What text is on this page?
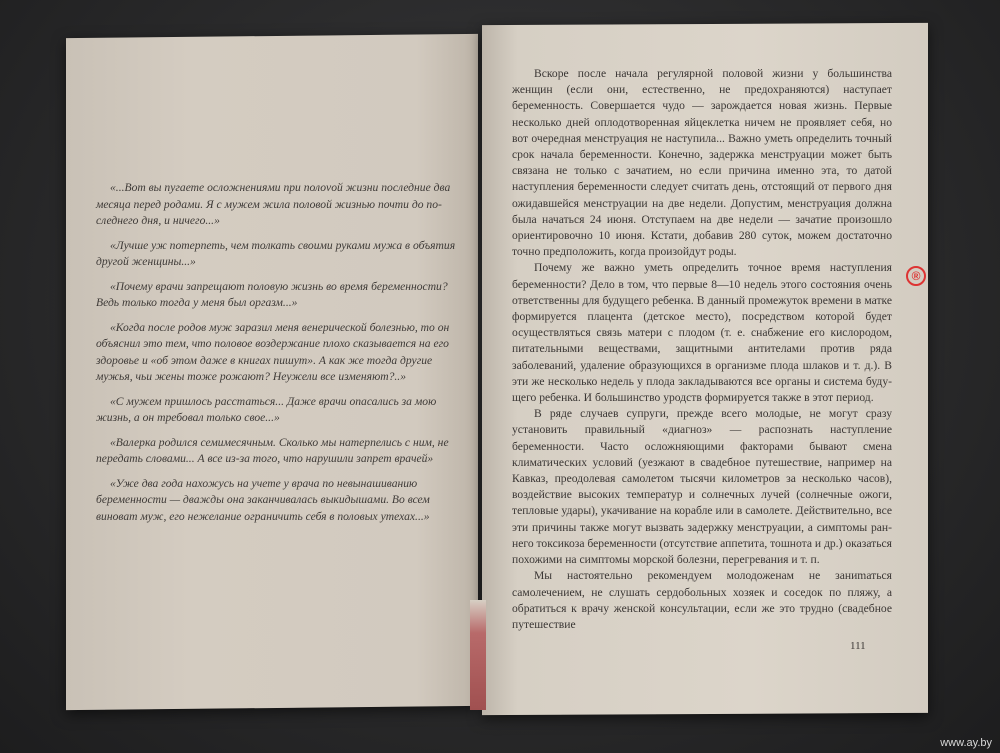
«...Вот вы пугаете осложнениями при полоvой жизни последние два месяца перед родами. Я с мужем жила половой жизнью почти до последнего дня, и ничего...»

«Лучше уж потерпеть, чем толкать своими руками мужа в объятия другой женщины...»

«Почему врачи запрещают половую жизнь во время беременности? Ведь только тогда у меня был оргазм...»

«Когда после родов муж заразил меня венерической болезнью, то он объяснил это тем, что половое воздержание плохо сказывается на его здоровье и «об этом даже в книгах пишут». А как же тогда другие мужья, чьи жены тоже рожают? Неужели все изменяют?..»

«С мужем пришлось расстаться... Даже врачи опасались за мою жизнь, а он требовал только свое...»

«Валерка родился семимесячным. Сколько мы натерпелись с ним, не передать словами... А все из-за того, что нарушили запрет врачей»

«Уже два года нахожусь на учете у врача по невынашиванию беременности — дважды она заканчивалась выкидышами. Во всем виноват муж, его нежелание ограничить себя в половых утехах...»

Вскоре после начала регулярной половой жизни у большинства женщин (если они, естественно, не предохраняются) наступает беременность. Совершается чудо — зарождается новая жизнь. Первые несколько дней оплодотворенная яйцеклетка ничем не проявляет себя, но вот очередная менструация не наступила... Важно уметь определить точный срок начала беременности. Конечно, задержка менструации может быть связана не только с зачатием, но если причина именно эта, то датой наступления беременности следует считать день, отстоящий от первого дня ожидавшейся менструации на две недели. Допустим, менструация должна была начаться 24 июня. Отступаем на две недели — зачатие произошло ориентировочно 10 июня. Кстати, добавив 280 суток, можем достаточно точно предположить, когда произойдут роды.

Почему же важно уметь определить точное время наступления беременности? Дело в том, что первые 8—10 недель этого состояния очень ответственны для будущего ребенка. В данный промежуток времени в матке формируется плацента (детское место), посредством которой будет осуществляться связь матери с плодом (т. е. снабжение его кислородом, питательными веществами, защитными антителами против ряда заболеваний, удаление образующихся в организме плода шлаков и т. д.). В эти же несколько недель у плода закладываются все органы и система будущего ребенка. И большинство уродств формируется также в этот период.

В ряде случаев супруги, прежде всего молодые, не могут сразу установить правильный «диагноз» — распознать наступление беременности. Часто осложняющими факторами бывают смена климатических условий (уезжают в свадебное путешествие, например на Кавказ, преодолевая самолетом тысячи километров за несколько часов), воздействие высоких температур и солнечных лучей (солнечные ожоги, тепловые удары), укачивание на корабле или в самолете. Действительно, все эти причины также могут вызвать задержку менструации, а симптомы раннего токсикоза беременности (отсутствие аппетита, тошнота и др.) оказаться похожими на симптомы морской болезни, перегревания и т. п.

Мы настоятельно рекомендуем молодоженам не заниmаться самолечением, не слушать сердобольных хозяек и соседок по пляжу, а обратиться к врачу женской консультации, если же это трудно (свадебное путешествие

111
®
www.ay.by
